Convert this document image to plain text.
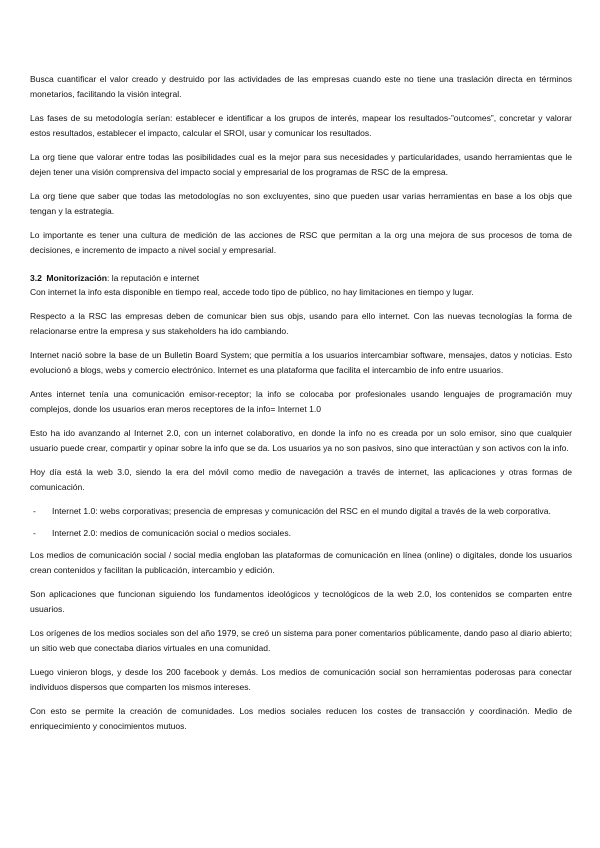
Busca cuantificar el valor creado y destruido por las actividades de las empresas cuando este no tiene una traslación directa en términos monetarios, facilitando la visión integral.

Las fases de su metodología serían: establecer e identificar a los grupos de interés, mapear los resultados-”outcomes”, concretar y valorar estos resultados, establecer el impacto, calcular el SROI, usar y comunicar los resultados.

La org tiene que valorar entre todas las posibilidades cual es la mejor para sus necesidades y particularidades, usando herramientas que le dejen tener una visión comprensiva del impacto social y empresarial de los programas de RSC de la empresa.

La org tiene que saber que todas las metodologías no son excluyentes, sino que pueden usar varias herramientas en base a los objs que tengan y la estrategia.

Lo importante es tener una cultura de medición de las acciones de RSC que permitan a la org una mejora de sus procesos de toma de decisiones, e incremento de impacto a nivel social y empresarial.

3.2 Monitorización: la reputación e internet

Con internet la info esta disponible en tiempo real, accede todo tipo de público, no hay limitaciones en tiempo y lugar.

Respecto a la RSC las empresas deben de comunicar bien sus objs, usando para ello internet. Con las nuevas tecnologías la forma de relacionarse entre la empresa y sus stakeholders ha ido cambiando.

Internet nació sobre la base de un Bulletin Board System; que permitía a los usuarios intercambiar software, mensajes, datos y noticias. Esto evolucionó a blogs, webs y comercio electrónico. Internet es una plataforma que facilita el intercambio de info entre usuarios.

Antes internet tenía una comunicación emisor-receptor; la info se colocaba por profesionales usando lenguajes de programación muy complejos, donde los usuarios eran meros receptores de la info= Internet 1.0

Esto ha ido avanzando al Internet 2.0, con un internet colaborativo, en donde la info no es creada por un solo emisor, sino que cualquier usuario puede crear, compartir y opinar sobre la info que se da. Los usuarios ya no son pasivos, sino que interactúan y son activos con la info.

Hoy día está la web 3.0, siendo la era del móvil como medio de navegación a través de internet, las aplicaciones y otras formas de comunicación.

- Internet 1.0: webs corporativas; presencia de empresas y comunicación del RSC en el mundo digital a través de la web corporativa.
- Internet 2.0: medios de comunicación social o medios sociales.

Los medios de comunicación social / social media engloban las plataformas de comunicación en línea (online) o digitales, donde los usuarios crean contenidos y facilitan la publicación, intercambio y edición.

Son aplicaciones que funcionan siguiendo los fundamentos ideológicos y tecnológicos de la web 2.0, los contenidos se comparten entre usuarios.

Los orígenes de los medios sociales son del año 1979, se creó un sistema para poner comentarios públicamente, dando paso al diario abierto; un sitio web que conectaba diarios virtuales en una comunidad.

Luego vinieron blogs, y desde los 200 facebook y demás. Los medios de comunicación social son herramientas poderosas para conectar individuos dispersos que comparten los mismos intereses.

Con esto se permite la creación de comunidades. Los medios sociales reducen los costes de transacción y coordinación. Medio de enriquecimiento y conocimientos mutuos.
